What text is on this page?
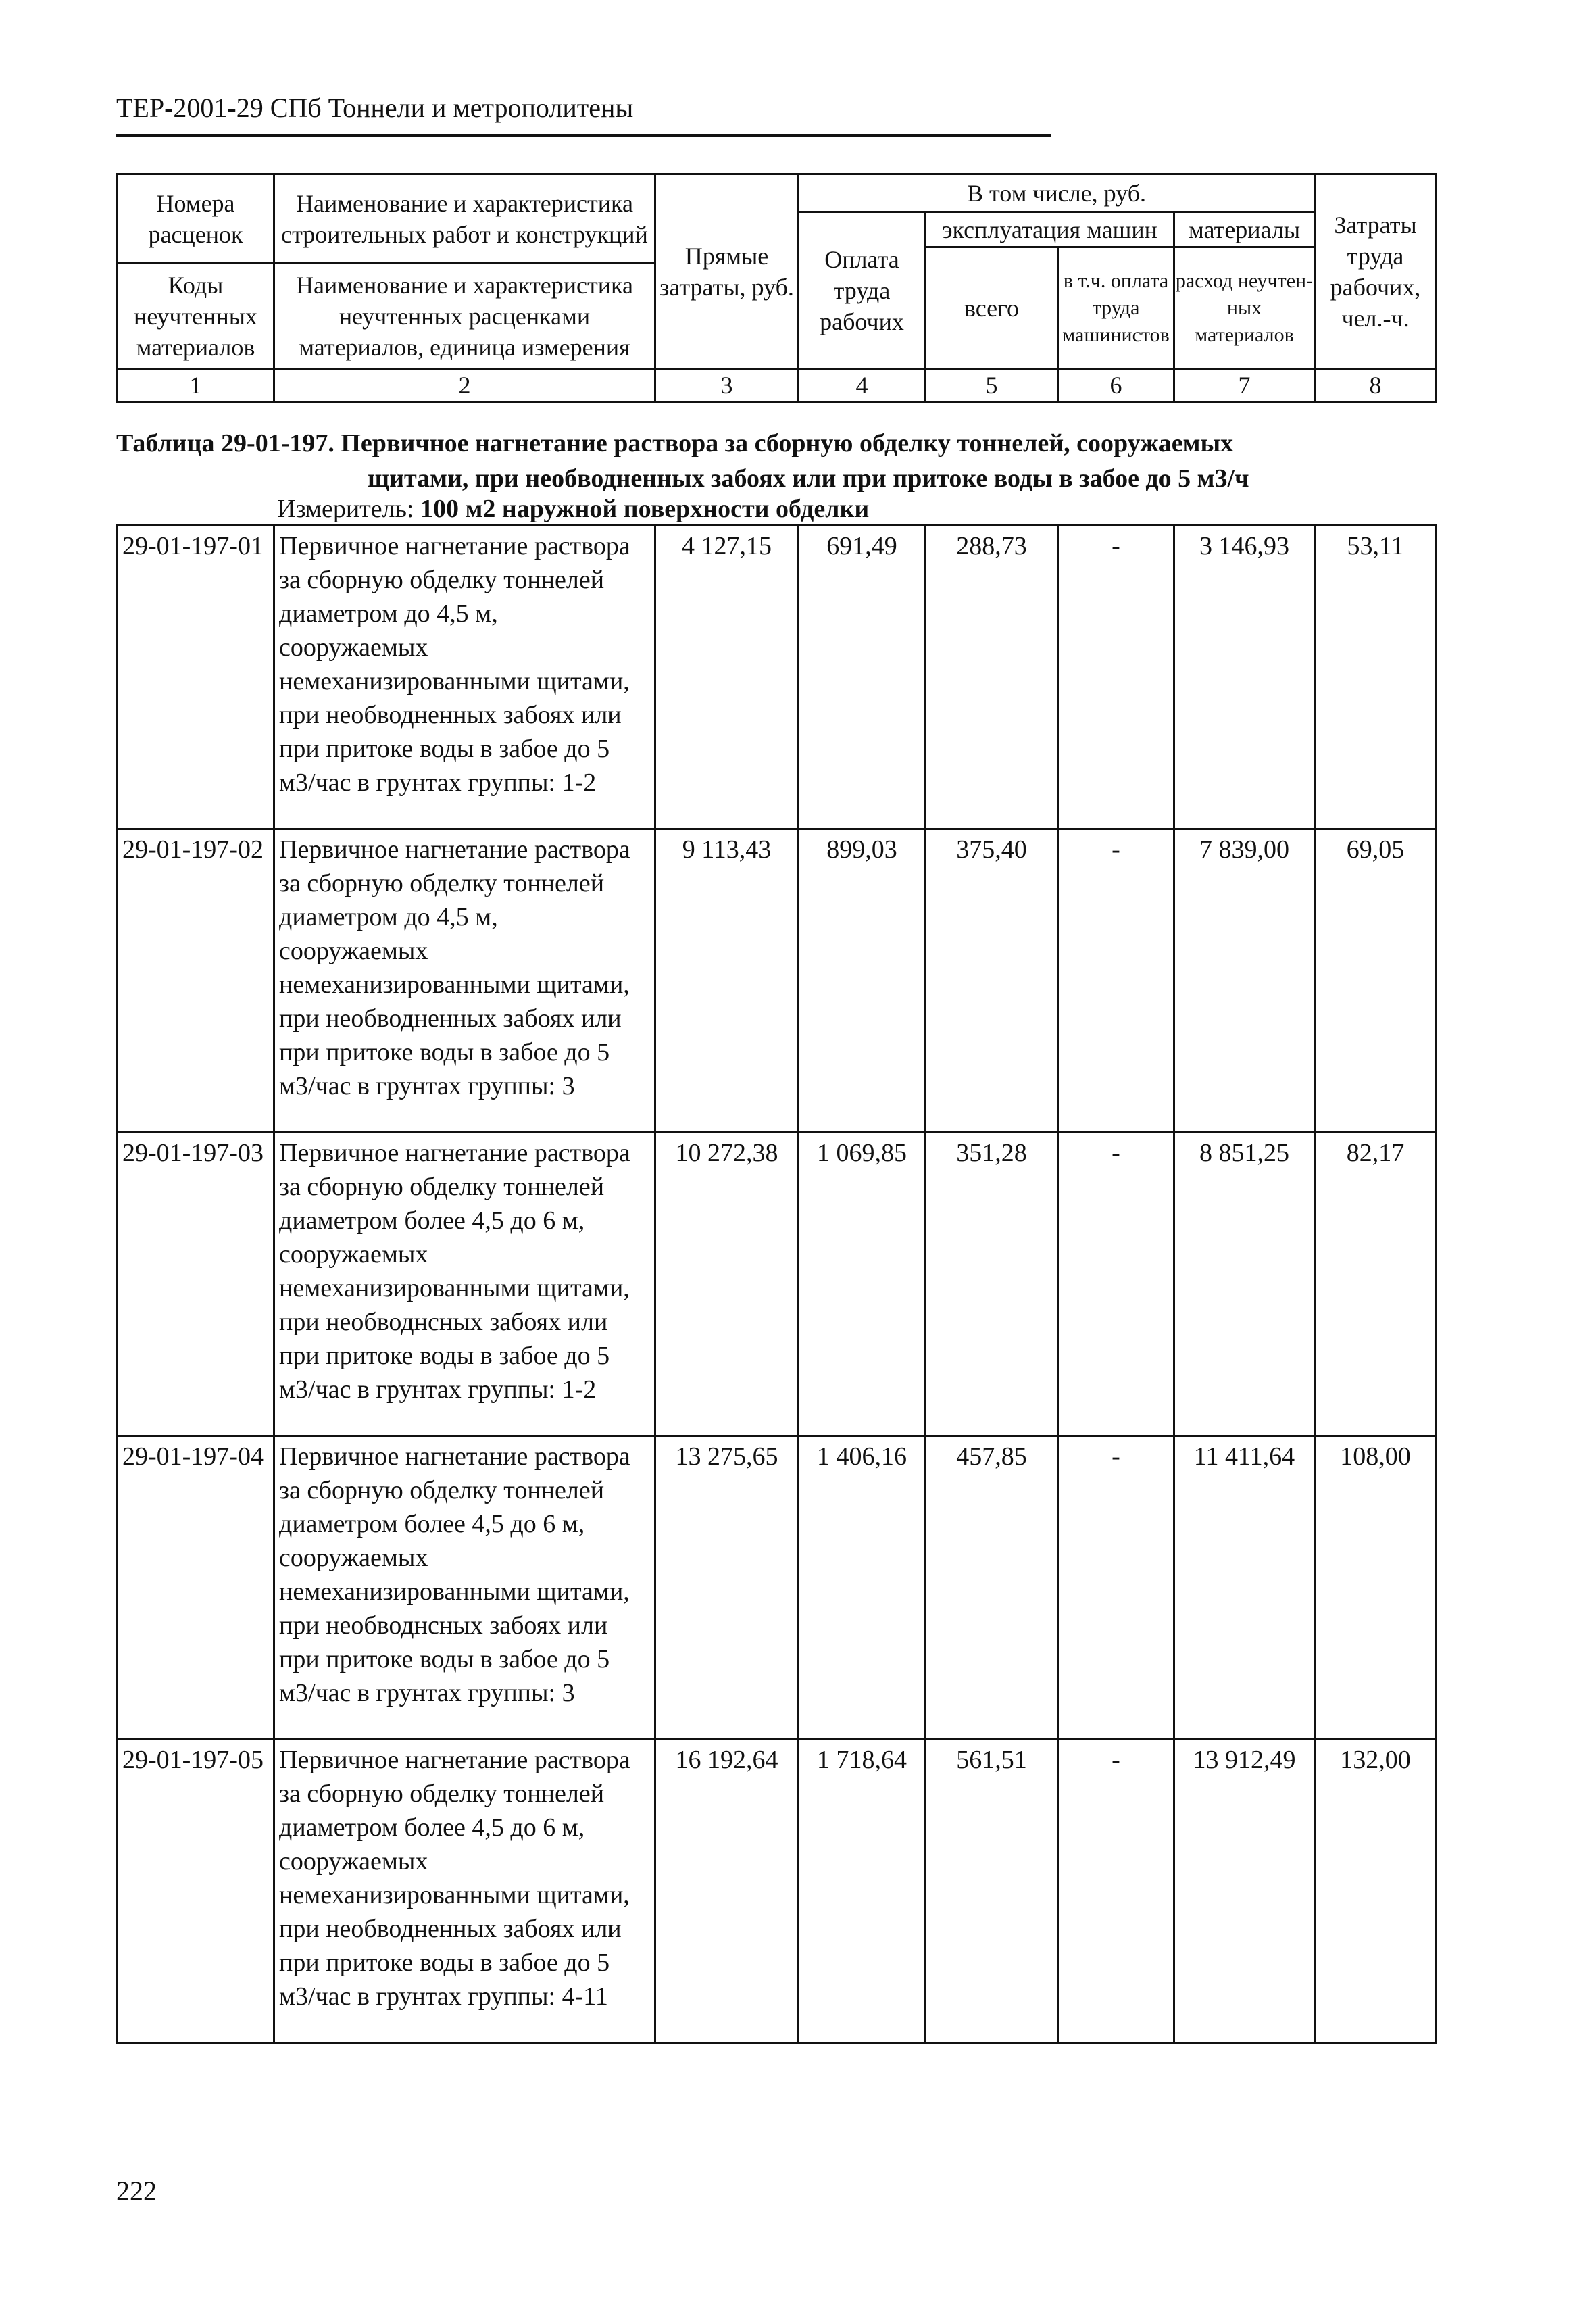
ТЕР-2001-29 СПб Тоннели и метрополитены
Номера расценок	Наименование и характеристика строительных работ и конструкций	Прямые затраты, руб.	В том числе, руб.				Затраты труда рабочих, чел.-ч.
			Оплата труда рабочих	эксплуатация машин		материалы	
				всего	в т.ч. оплата труда машинистов	расход неучтен-ных материалов	
Коды неучтенных материалов	Наименование и характеристика неучтенных расценками материалов, единица измерения						

1	2	3	4	5	6	7	8
Таблица 29-01-197. Первичное нагнетание раствора за сборную обделку тоннелей, сооружаемых
щитами, при необводненных забоях или при притоке воды в забое до 5 м3/ч
Измеритель: 100 м2 наружной поверхности обделки
29-01-197-01	Первичное нагнетание раствора за сборную обделку тоннелей диаметром до 4,5 м, сооружаемых немеханизированными щитами, при необводненных забоях или при притоке воды в забое до 5 м3/час в грунтах группы: 1-2	4 127,15	691,49	288,73	-	3 146,93	53,11
29-01-197-02	Первичное нагнетание раствора за сборную обделку тоннелей диаметром до 4,5 м, сооружаемых немеханизированными щитами, при необводненных забоях или при притоке воды в забое до 5 м3/час в грунтах группы: 3	9 113,43	899,03	375,40	-	7 839,00	69,05
29-01-197-03	Первичное нагнетание раствора за сборную обделку тоннелей диаметром более 4,5 до 6 м, сооружаемых немеханизированными щитами, при необводнсных забоях или при притоке воды в забое до 5 м3/час в грунтах группы: 1-2	10 272,38	1 069,85	351,28	-	8 851,25	82,17
29-01-197-04	Первичное нагнетание раствора за сборную обделку тоннелей диаметром более 4,5 до 6 м, сооружаемых немеханизированными щитами, при необводнсных забоях или при притоке воды в забое до 5 м3/час в грунтах группы: 3	13 275,65	1 406,16	457,85	-	11 411,64	108,00
29-01-197-05	Первичное нагнетание раствора за сборную обделку тоннелей диаметром более 4,5 до 6 м, сооружаемых немеханизированными щитами, при необводненных забоях или при притоке воды в забое до 5 м3/час в грунтах группы: 4-11	16 192,64	1 718,64	561,51	-	13 912,49	132,00
222
